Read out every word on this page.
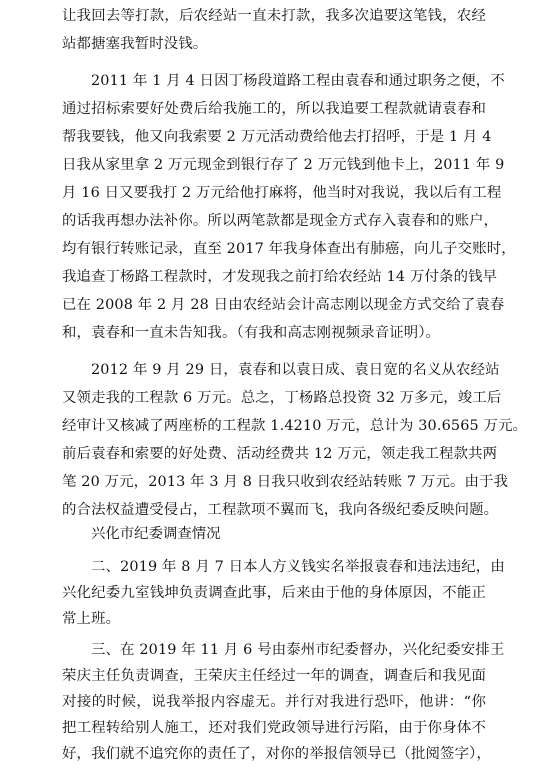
让我回去等打款，后农经站一直未打款，我多次追要这笔钱，农经
站都搪塞我暂时没钱。
2011 年 1 月 4 日因丁杨段道路工程由袁春和通过职务之便，不
通过招标索要好处费后给我施工的，所以我追要工程款就请袁春和
帮我要钱，他又向我索要 2 万元活动费给他去打招呼，于是 1 月 4
日我从家里拿 2 万元现金到银行存了 2 万元钱到他卡上，2011 年 9
月 16 日又要我打 2 万元给他打麻将，他当时对我说，我以后有工程
的话我再想办法补你。所以两笔款都是现金方式存入袁春和的账户，
均有银行转账记录，直至 2017 年我身体查出有肺癌，向儿子交账时，
我追查丁杨路工程款时，才发现我之前打给农经站 14 万付条的钱早
已在 2008 年 2 月 28 日由农经站会计高志刚以现金方式交给了袁春
和，袁春和一直未告知我。（有我和高志刚视频录音证明）。
2012 年 9 月 29 日，袁春和以袁日成、袁日宽的名义从农经站
又领走我的工程款 6 万元。总之，丁杨路总投资 32 万多元，竣工后
经审计又核减了两座桥的工程款 1.4210 万元，总计为 30.6565 万元。
前后袁春和索要的好处费、活动经费共 12 万元，领走我工程款共两
笔 20 万元，2013 年 3 月 8 日我只收到农经站转账 7 万元。由于我
的合法权益遭受侵占，工程款项不翼而飞，我向各级纪委反映问题。
兴化市纪委调查情况
二、2019 年 8 月 7 日本人方义钱实名举报袁春和违法违纪，由
兴化纪委九室钱坤负责调查此事，后来由于他的身体原因，不能正
常上班。
三、在 2019 年 11 月 6 号由泰州市纪委督办，兴化纪委安排王
荣庆主任负责调查，王荣庆主任经过一年的调查，调查后和我见面
对接的时候，说我举报内容虚无。并行对我进行恐吓，他讲：“你
把工程转给别人施工，还对我们党政领导进行污陷，由于你身体不
好，我们就不追究你的责任了，对你的举报信领导已（批阅签字），
